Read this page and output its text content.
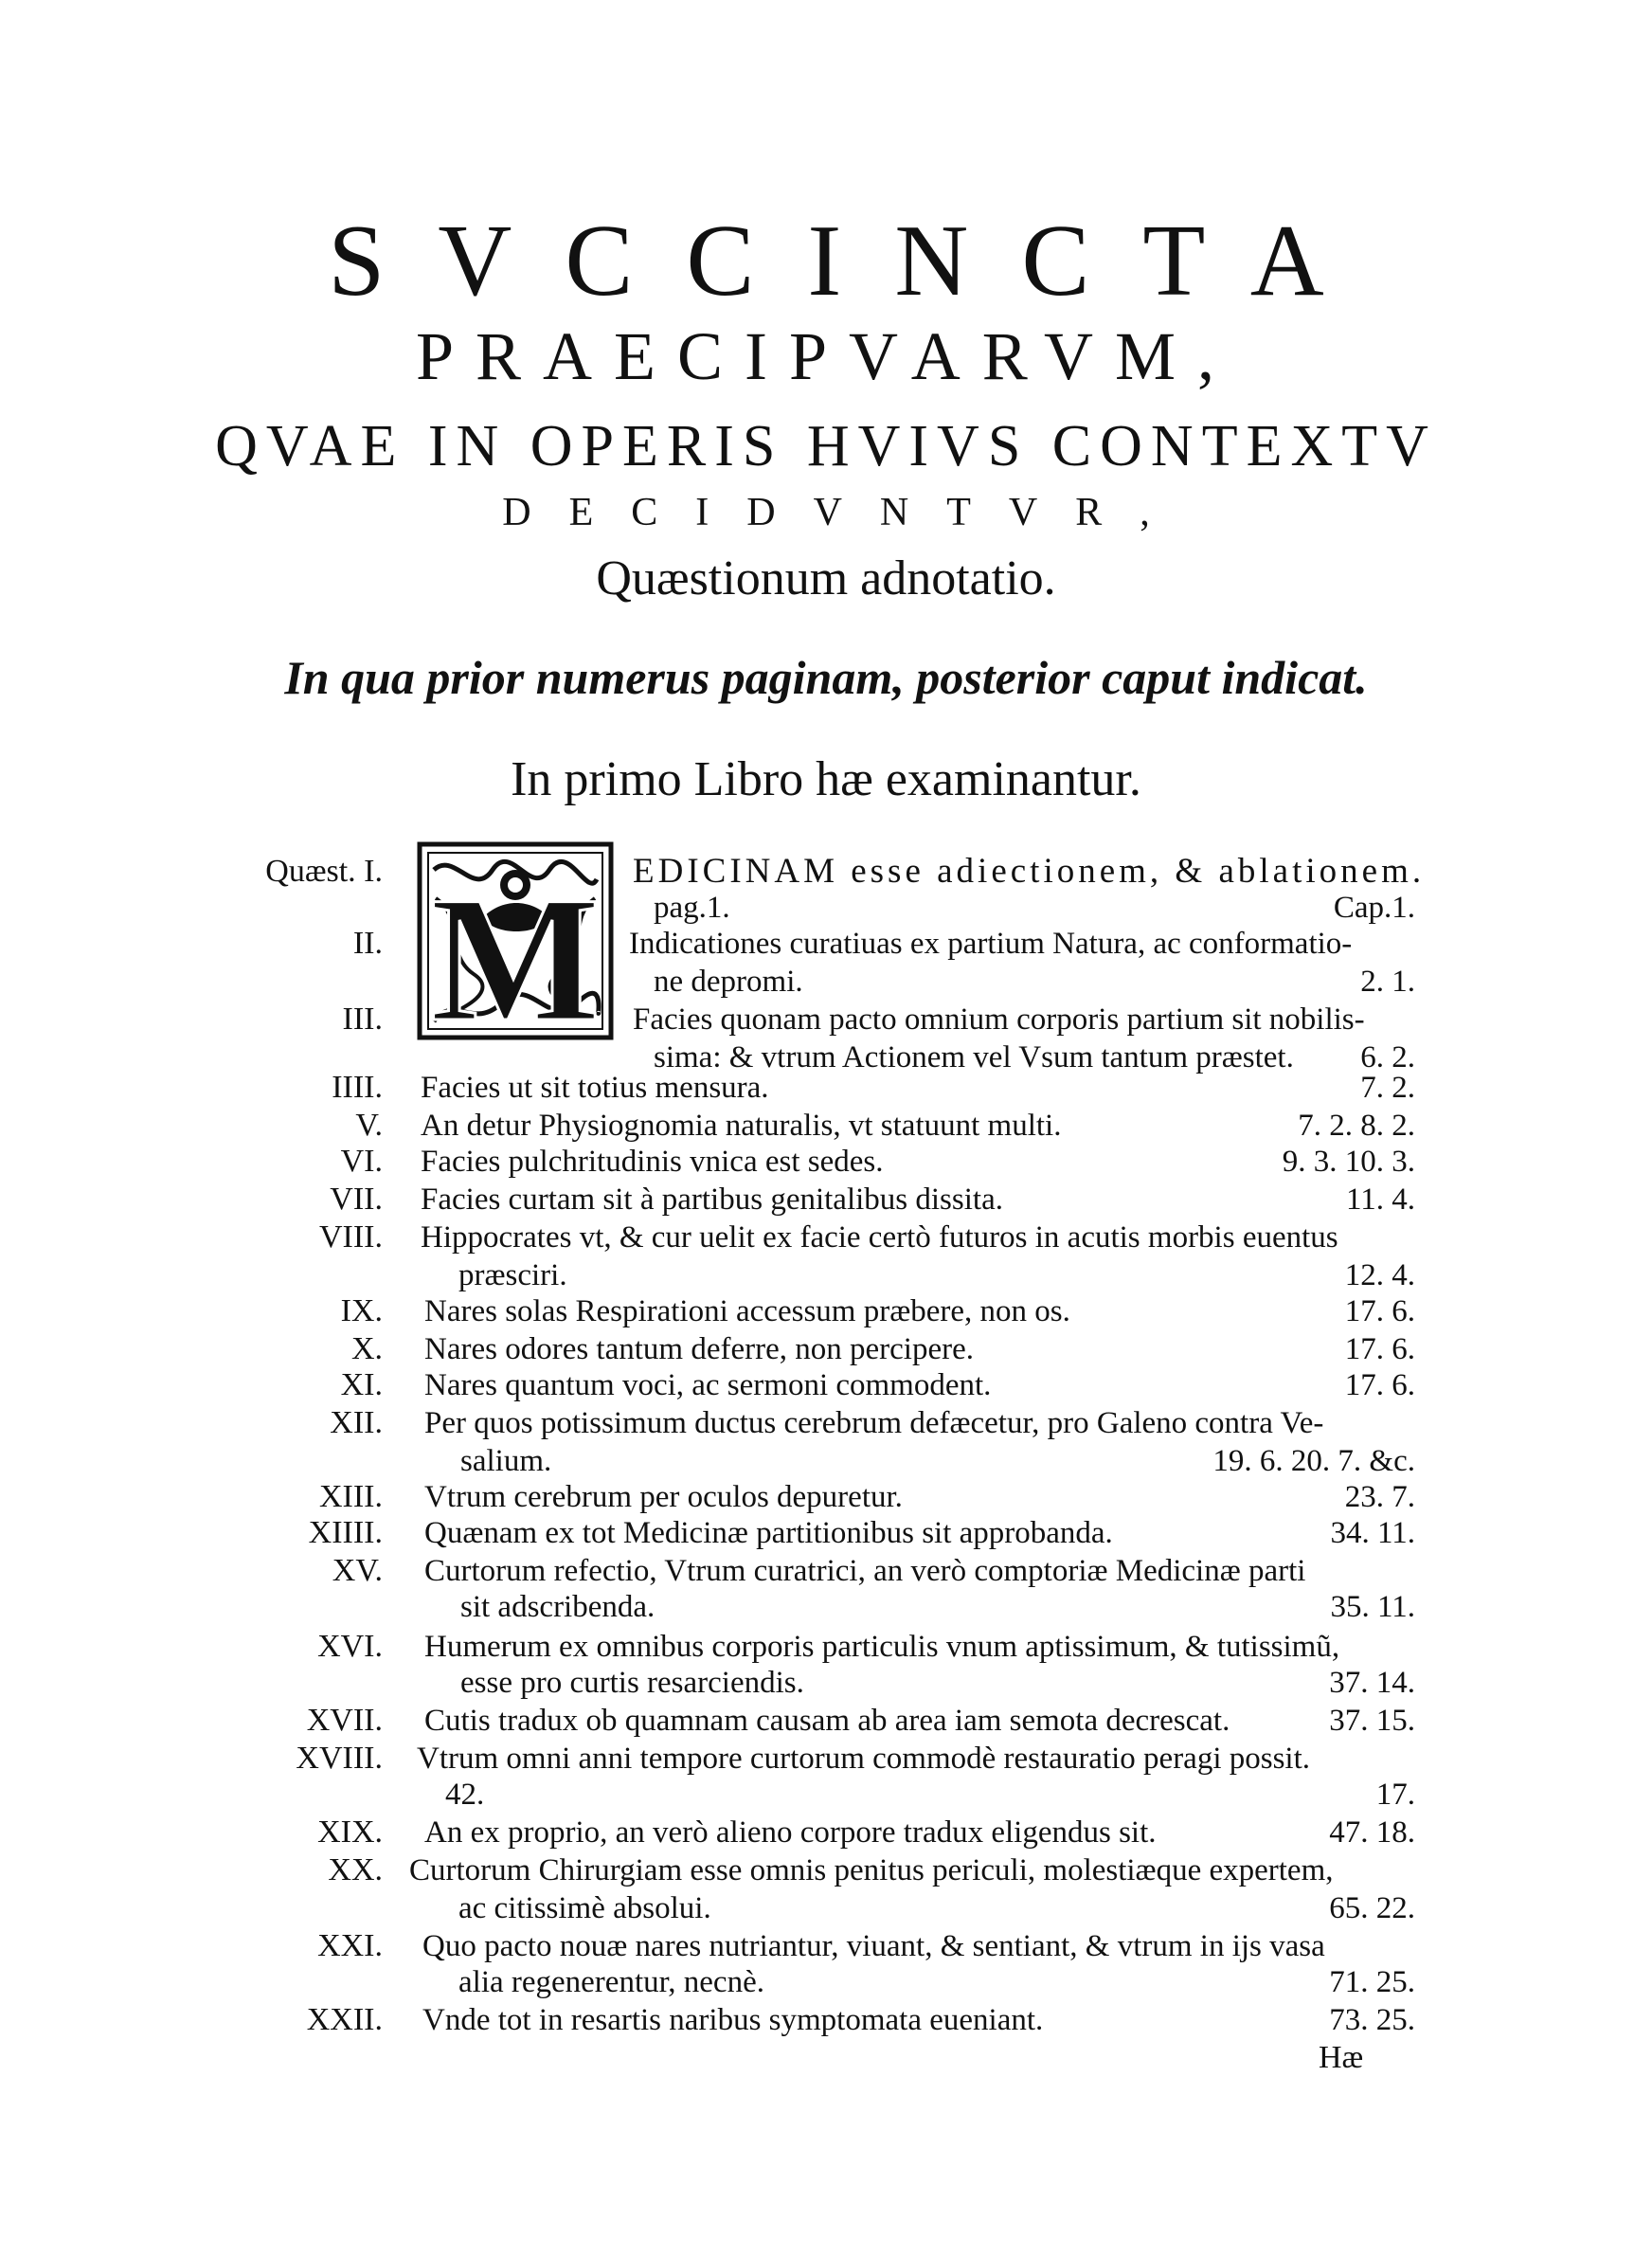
SVCCINCTA
PRAECIPVARVM,
QVAE IN OPERIS HVIVS CONTEXTV
DECIDVNTVR,
Quæstionum adnotatio.
In qua prior numerus paginam, posterior caput indicat.
In primo Libro hæ examinantur.
M
Quæst. I.	EDICINAM esse adiectionem, & ablationem.
pag.1.	Cap.1.
II.	Indicationes curatiuas ex partium Natura, ac conformatio-
ne depromi.	2. 1.
III.	Facies quonam pacto omnium corporis partium sit nobilis-
sima: & vtrum Actionem vel Vsum tantum præstet. 6. 2.
IIII. Facies ut sit totius mensura.	7. 2.
V. An detur Physiognomia naturalis, vt statuunt multi.	7. 2. 8. 2.
VI. Facies pulchritudinis vnica est sedes.	9. 3. 10. 3.
VII. Facies curtam sit à partibus genitalibus dissita.	11. 4.
VIII. Hippocrates vt, & cur uelit ex facie certò futuros in acutis morbis euentus
præsciri.	12. 4.
IX. Nares solas Respirationi accessum præbere, non os.	17. 6.
X. Nares odores tantum deferre, non percipere.	17. 6.
XI. Nares quantum voci, ac sermoni commodent.	17. 6.
XII. Per quos potissimum ductus cerebrum defæcetur, pro Galeno contra Ve-
salium.	19. 6. 20. 7. &c.
XIII. Vtrum cerebrum per oculos depuretur.	23. 7.
XIIII. Quænam ex tot Medicinæ partitionibus sit approbanda.	34. 11.
XV. Curtorum refectio, Vtrum curatrici, an verò comptoriæ Medicinæ parti
sit adscribenda.	35. 11.
XVI. Humerum ex omnibus corporis particulis vnum aptissimum, & tutissimũ,
esse pro curtis resarciendis.	37. 14.
XVII. Cutis tradux ob quamnam causam ab area iam semota decrescat.	37. 15.
XVIII. Vtrum omni anni tempore curtorum commodè restauratio peragi possit.
42.	17.
XIX. An ex proprio, an verò alieno corpore tradux eligendus sit.	47. 18.
XX. Curtorum Chirurgiam esse omnis penitus periculi, molestiæque expertem,
ac citissimè absolui.	65. 22.
XXI. Quo pacto nouæ nares nutriantur, viuant, & sentiant, & vtrum in ijs vasa
alia regenerentur, necnè.	71. 25.
XXII. Vnde tot in resartis naribus symptomata eueniant.	73. 25.
Hæ
